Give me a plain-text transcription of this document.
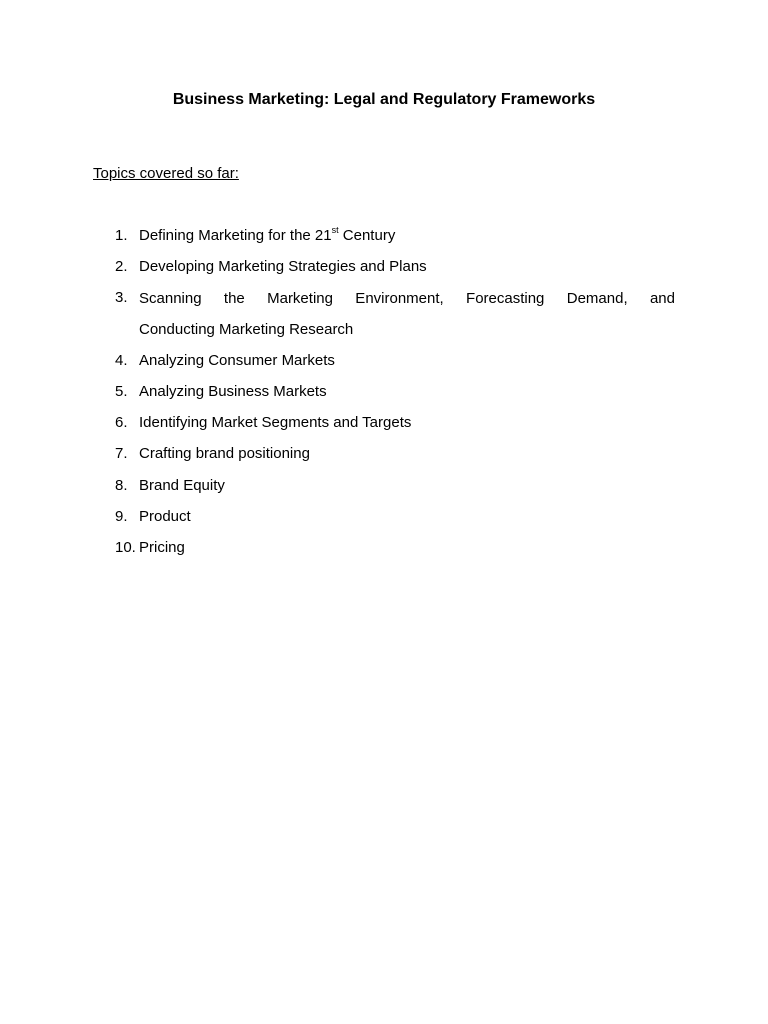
Business Marketing: Legal and Regulatory Frameworks

Topics covered so far:

1. Defining Marketing for the 21st Century
2. Developing Marketing Strategies and Plans
3. Scanning the Marketing Environment, Forecasting Demand, and
Conducting Marketing Research
4. Analyzing Consumer Markets
5. Analyzing Business Markets
6. Identifying Market Segments and Targets
7. Crafting brand positioning
8. Brand Equity
9. Product
10. Pricing
